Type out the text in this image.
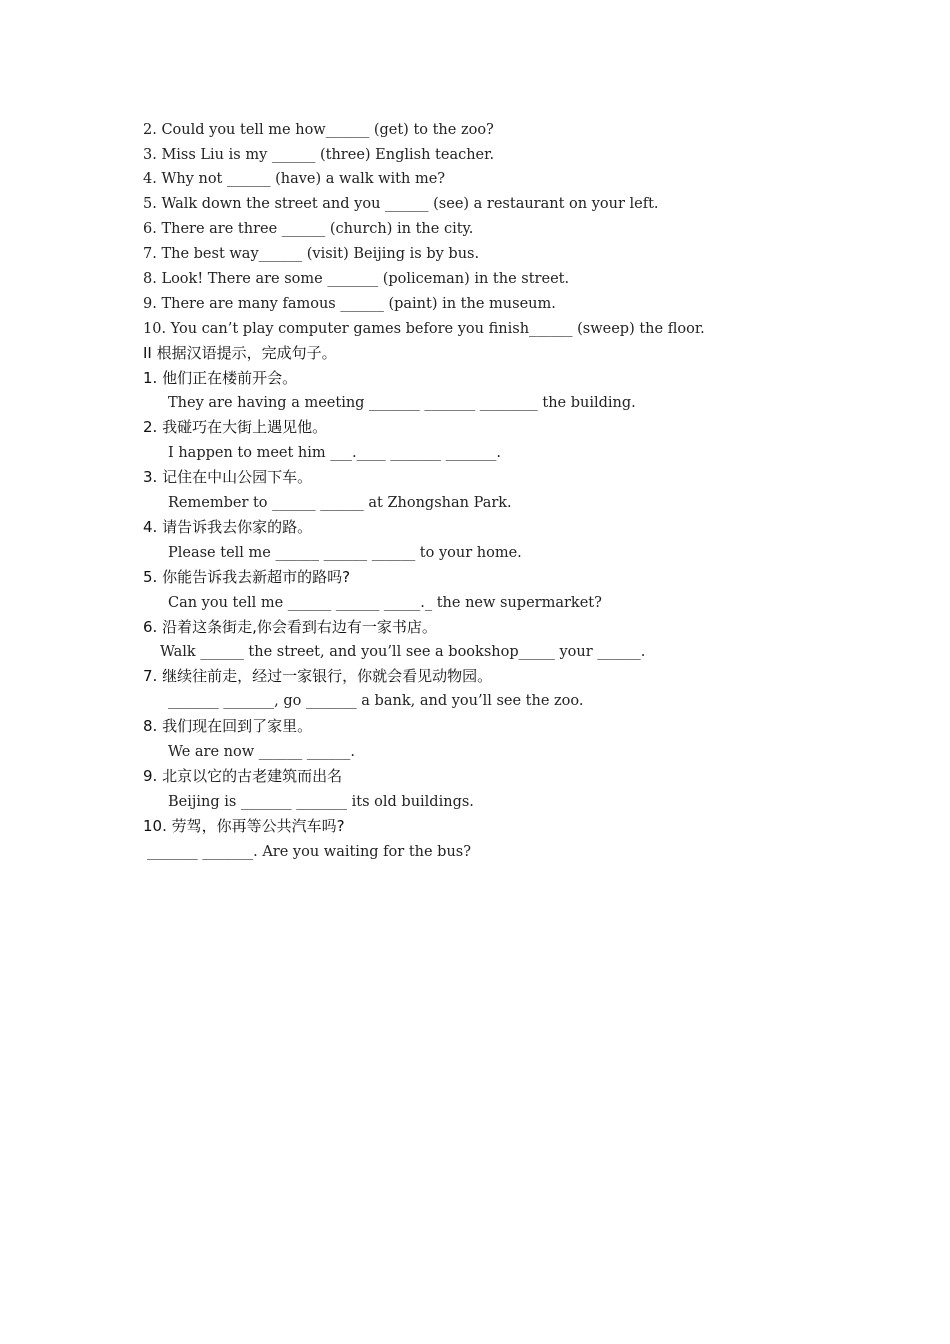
2. Could you tell me how______ (get) to the zoo?
3. Miss Liu is my ______ (three) English teacher.
4. Why not ______ (have) a walk with me?
5. Walk down the street and you ______ (see) a restaurant on your left.
6. There are three ______ (church) in the city.
7. The best way______ (visit) Beijing is by bus.
8. Look! There are some _______ (policeman) in the street.
9. There are many famous ______ (paint) in the museum.
10. You can’t play computer games before you finish______ (sweep) the floor.
II 根据汉语提示，完成句子。
1. 他们正在楼前开会。
They are having a meeting _______ _______ ________ the building.
2. 我碰巧在大街上遇见他。
I happen to meet him ___.____ _______ _______.
3. 记住在中山公园下车。
Remember to ______ ______ at Zhongshan Park.
4. 请告诉我去你家的路。
Please tell me ______ ______ ______ to your home.
5. 你能告诉我去新超市的路吗?
Can you tell me ______ ______ _____._ the new supermarket?
6. 沿着这条街走,你会看到右边有一家书店。
Walk ______ the street, and you’ll see a bookshop_____ your ______.
7. 继续往前走，经过一家银行，你就会看见动物园。
_______ _______, go _______ a bank, and you’ll see the zoo.
8. 我们现在回到了家里。
We are now ______ ______.
9. 北京以它的古老建筑而出名
Beijing is _______ _______ its old buildings.
10. 劳驾，你再等公共汽车吗?
_______ _______. Are you waiting for the bus?
